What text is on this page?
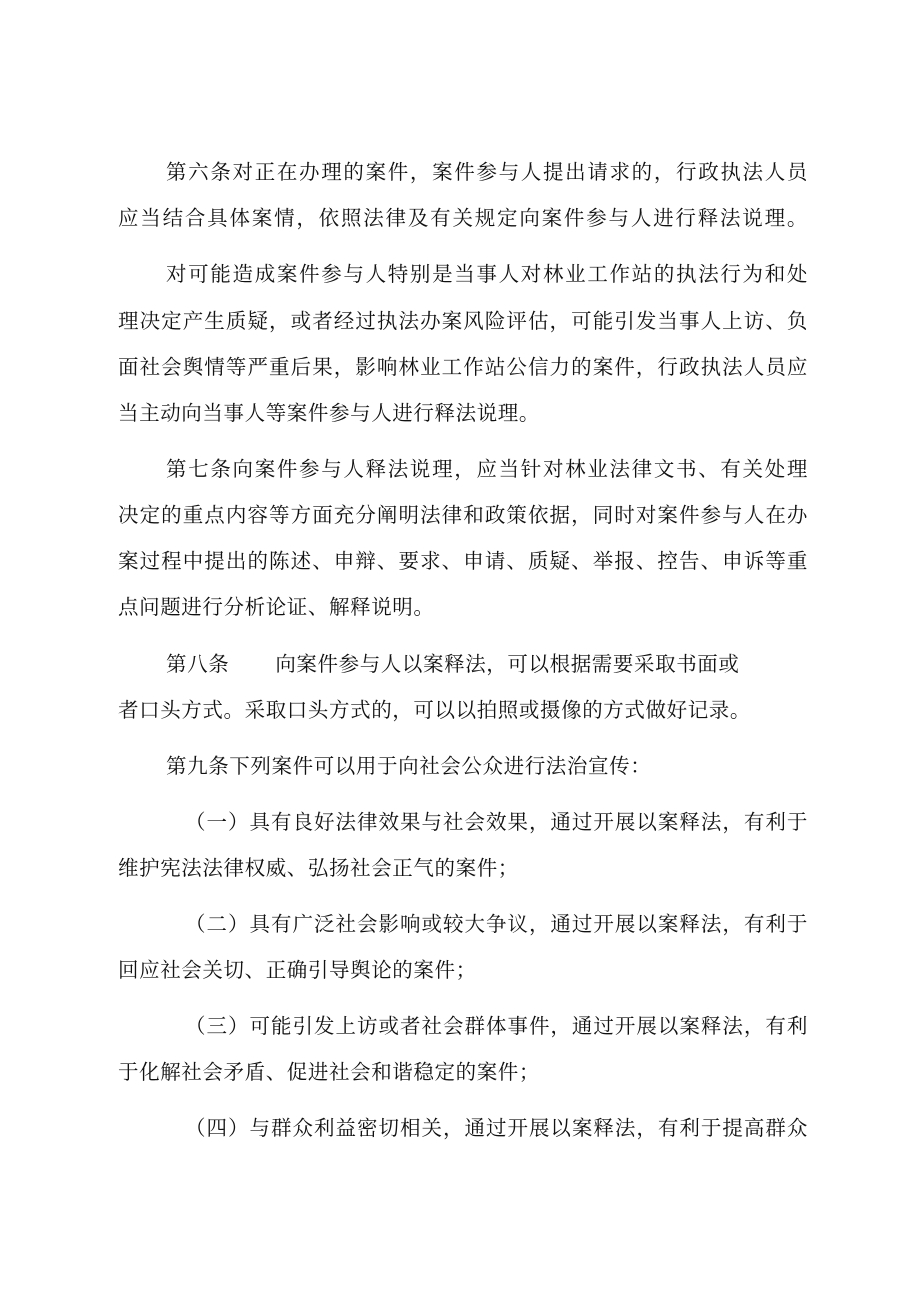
第六条对正在办理的案件，案件参与人提出请求的，行政执法人员
应当结合具体案情，依照法律及有关规定向案件参与人进行释法说理。
对可能造成案件参与人特别是当事人对林业工作站的执法行为和处
理决定产生质疑，或者经过执法办案风险评估，可能引发当事人上访、负
面社会舆情等严重后果，影响林业工作站公信力的案件，行政执法人员应
当主动向当事人等案件参与人进行释法说理。
第七条向案件参与人释法说理，应当针对林业法律文书、有关处理
决定的重点内容等方面充分阐明法律和政策依据，同时对案件参与人在办
案过程中提出的陈述、申辩、要求、申请、质疑、举报、控告、申诉等重
点问题进行分析论证、解释说明。
第八条 向案件参与人以案释法，可以根据需要采取书面或
者口头方式。采取口头方式的，可以以拍照或摄像的方式做好记录。
第九条下列案件可以用于向社会公众进行法治宣传：
（一）具有良好法律效果与社会效果，通过开展以案释法，有利于
维护宪法法律权威、弘扬社会正气的案件；
（二）具有广泛社会影响或较大争议，通过开展以案释法，有利于
回应社会关切、正确引导舆论的案件；
（三）可能引发上访或者社会群体事件，通过开展以案释法，有利
于化解社会矛盾、促进社会和谐稳定的案件；
（四）与群众利益密切相关，通过开展以案释法，有利于提高群众
